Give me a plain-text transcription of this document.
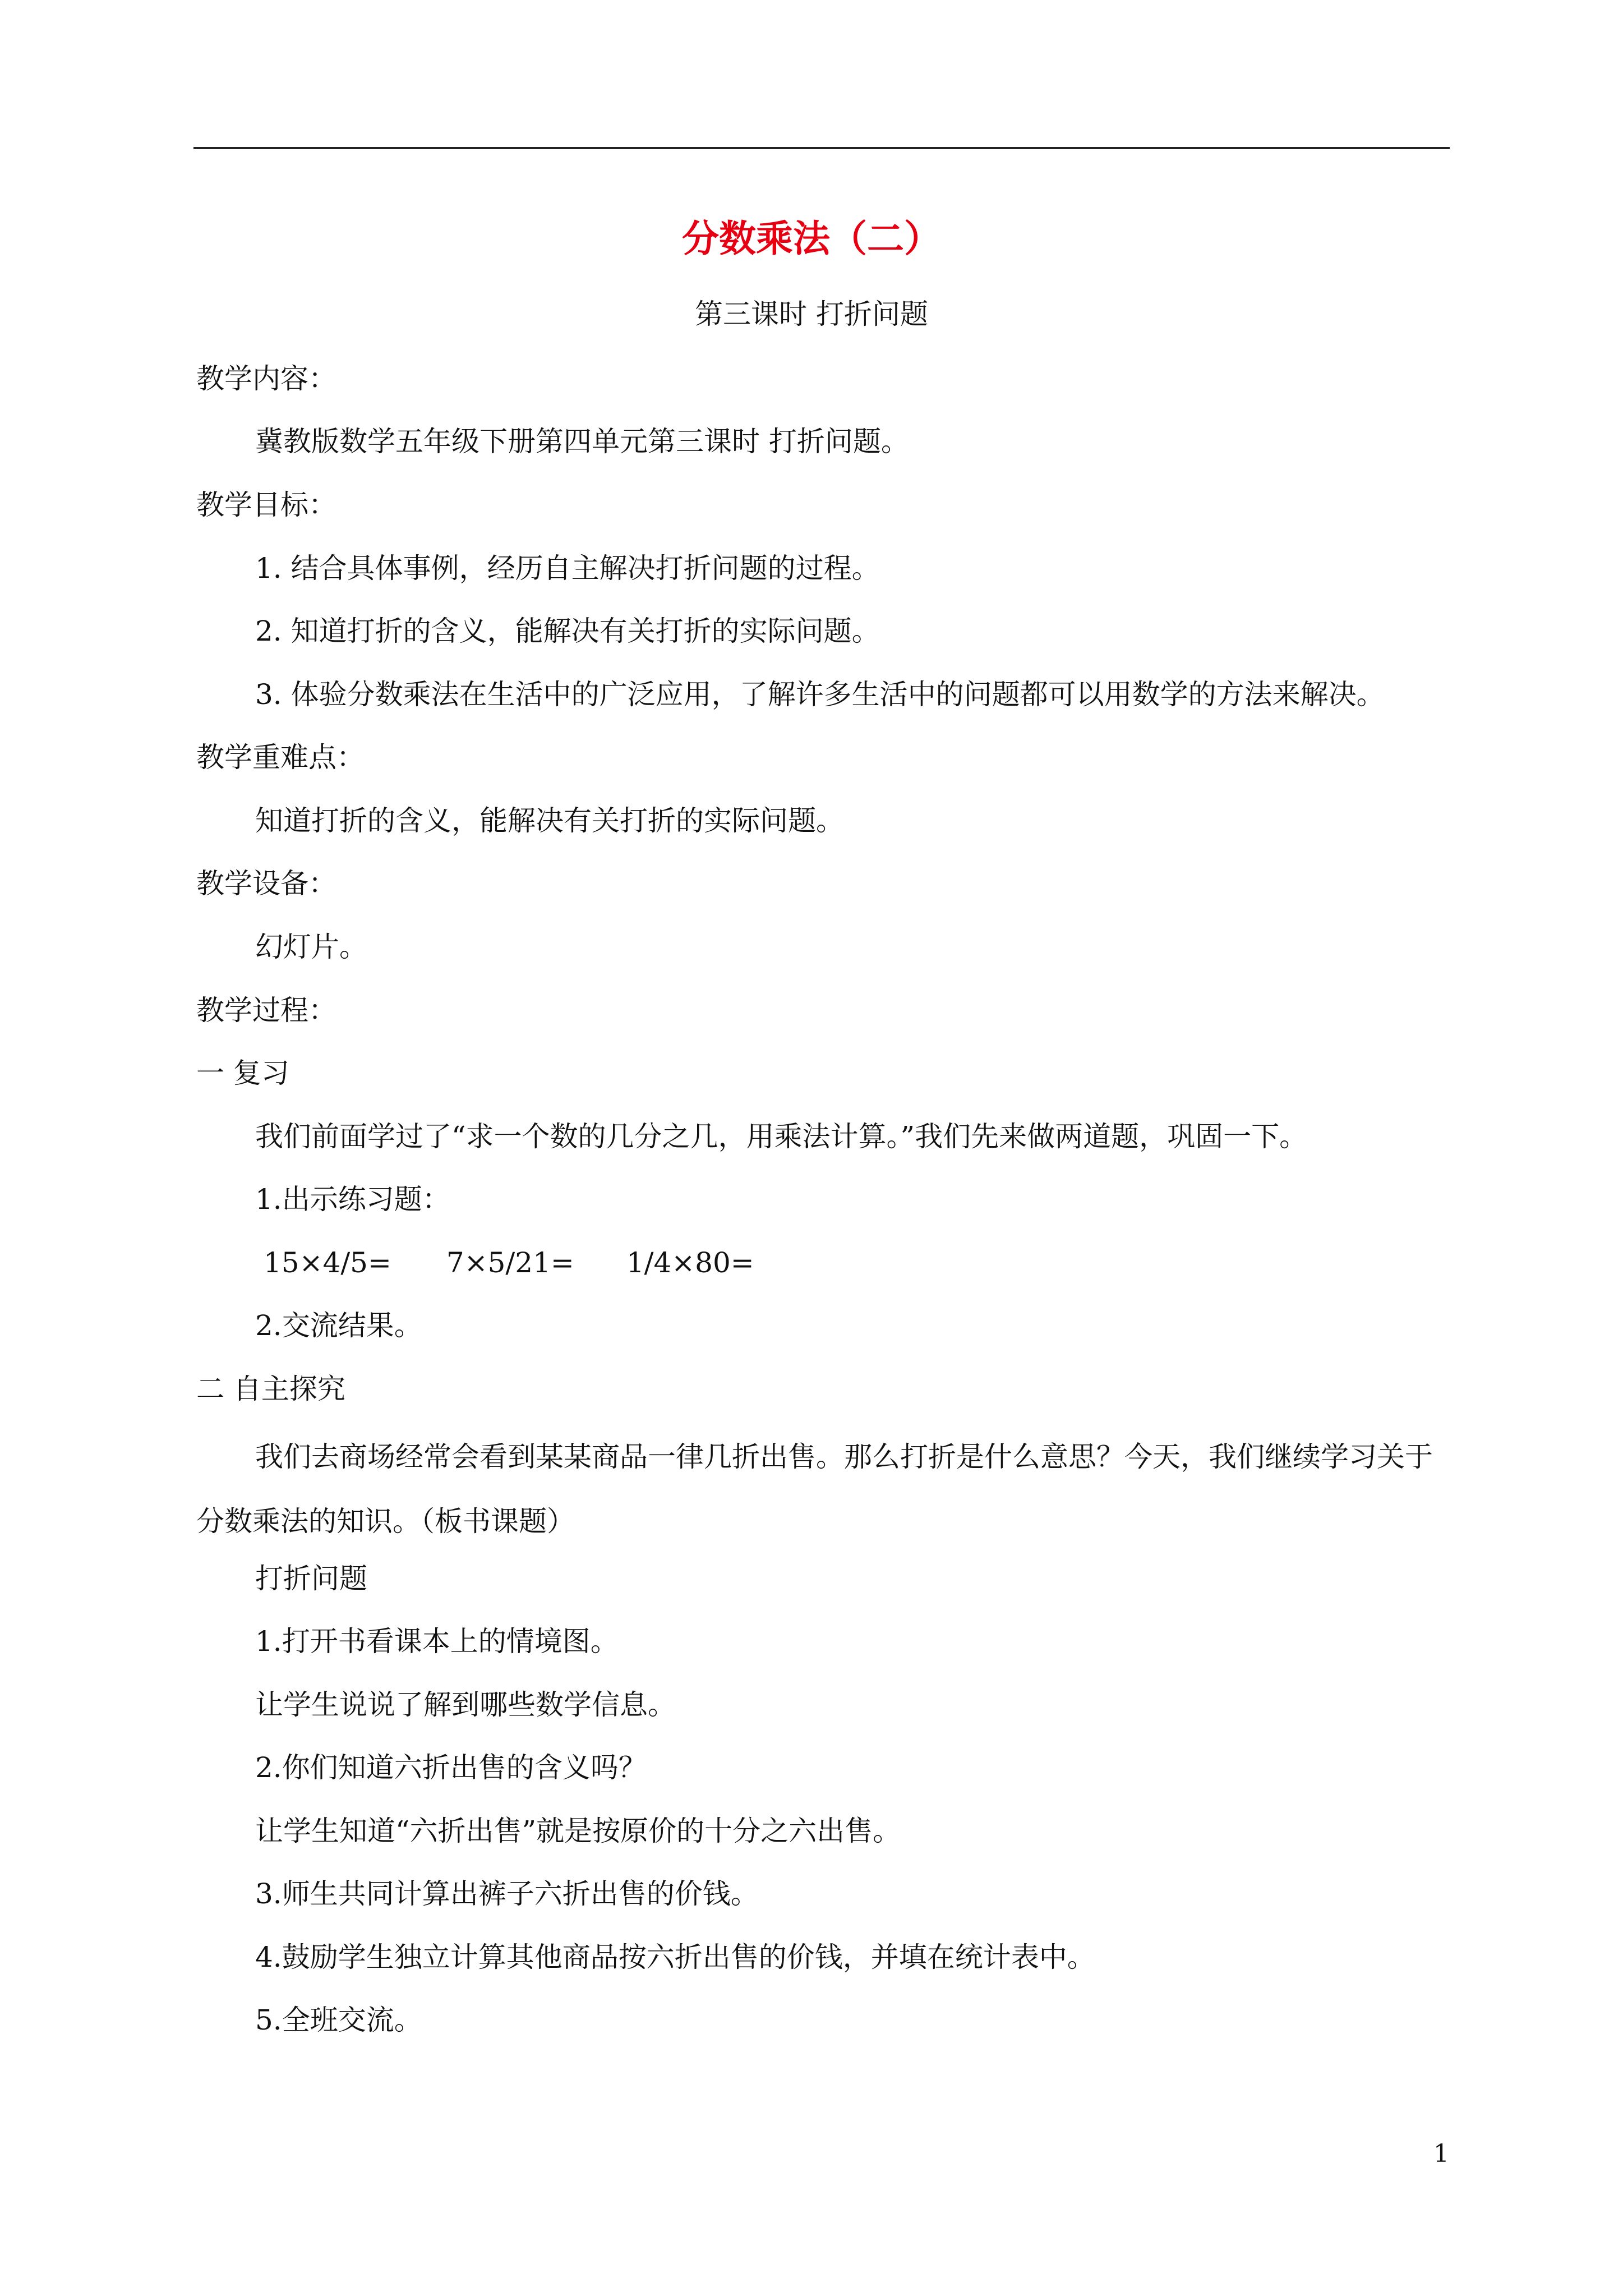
分数乘法（二）
第三课时 打折问题
教学内容：
冀教版数学五年级下册第四单元第三课时 打折问题。
教学目标：
1. 结合具体事例，经历自主解决打折问题的过程。
2. 知道打折的含义，能解决有关打折的实际问题。
3. 体验分数乘法在生活中的广泛应用，了解许多生活中的问题都可以用数学的方法来解决。
教学重难点：
知道打折的含义，能解决有关打折的实际问题。
教学设备：
幻灯片。
教学过程：
一 复习
我们前面学过了“求一个数的几分之几，用乘法计算。”我们先来做两道题，巩固一下。
1.出示练习题：
15×4/5= 7×5/21= 1/4×80=
2.交流结果。
二 自主探究
我们去商场经常会看到某某商品一律几折出售。那么打折是什么意思？今天，我们继续学习关于分数乘法的知识。（板书课题）
打折问题
1.打开书看课本上的情境图。
让学生说说了解到哪些数学信息。
2.你们知道六折出售的含义吗？
让学生知道“六折出售”就是按原价的十分之六出售。
3.师生共同计算出裤子六折出售的价钱。
4.鼓励学生独立计算其他商品按六折出售的价钱，并填在统计表中。
5.全班交流。
1
